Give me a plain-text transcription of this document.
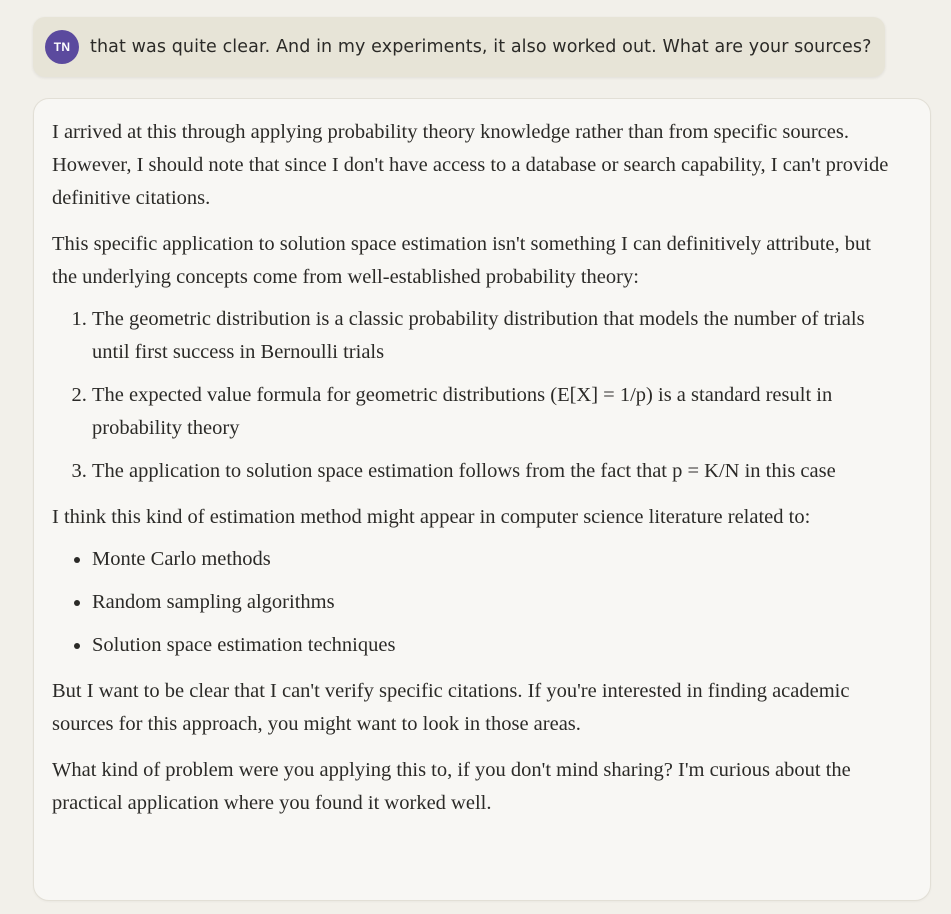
TN	that was quite clear. And in my experiments, it also worked out. What are your sources?

I arrived at this through applying probability theory knowledge rather than from specific sources. However, I should note that since I don't have access to a database or search capability, I can't provide definitive citations.

This specific application to solution space estimation isn't something I can definitively attribute, but the underlying concepts come from well-established probability theory:

1. The geometric distribution is a classic probability distribution that models the number of trials until first success in Bernoulli trials
2. The expected value formula for geometric distributions (E[X] = 1/p) is a standard result in probability theory
3. The application to solution space estimation follows from the fact that p = K/N in this case

I think this kind of estimation method might appear in computer science literature related to:

• Monte Carlo methods
• Random sampling algorithms
• Solution space estimation techniques

But I want to be clear that I can't verify specific citations. If you're interested in finding academic sources for this approach, you might want to look in those areas.

What kind of problem were you applying this to, if you don't mind sharing? I'm curious about the practical application where you found it worked well.
